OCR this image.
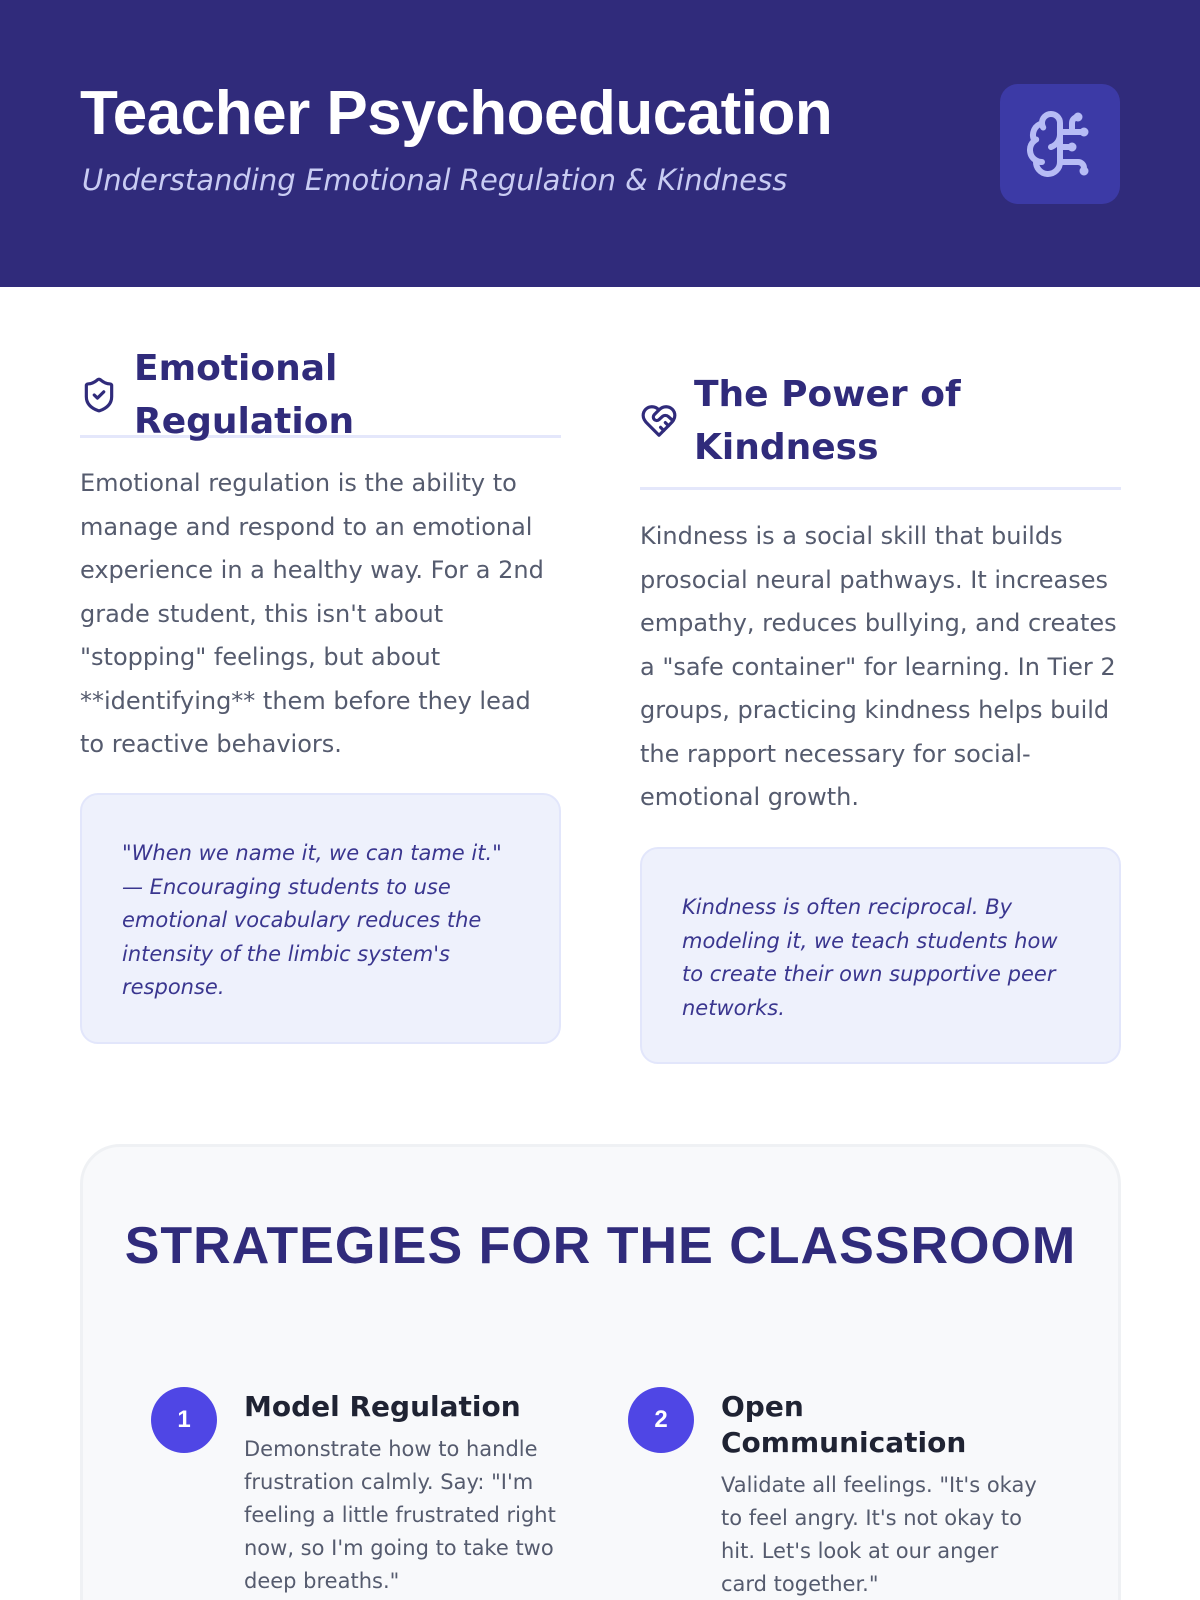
Teacher Psychoeducation

Understanding Emotional Regulation & Kindness

Emotional Regulation

Emotional regulation is the ability to manage and respond to an emotional experience in a healthy way. For a 2nd grade student, this isn't about "stopping" feelings, but about **identifying** them before they lead to reactive behaviors.

"When we name it, we can tame it." — Encouraging students to use emotional vocabulary reduces the intensity of the limbic system's response.
The Power of Kindness

Kindness is a social skill that builds prosocial neural pathways. It increases empathy, reduces bullying, and creates a "safe container" for learning. In Tier 2 groups, practicing kindness helps build the rapport necessary for social-emotional growth.

Kindness is often reciprocal. By modeling it, we teach students how to create their own supportive peer networks.
STRATEGIES FOR THE CLASSROOM
1	Model Regulation
Demonstrate how to handle frustration calmly. Say: "I'm feeling a little frustrated right now, so I'm going to take two deep breaths."
2	Open Communication
Validate all feelings. "It's okay to feel angry. It's not okay to hit. Let's look at our anger card together."
